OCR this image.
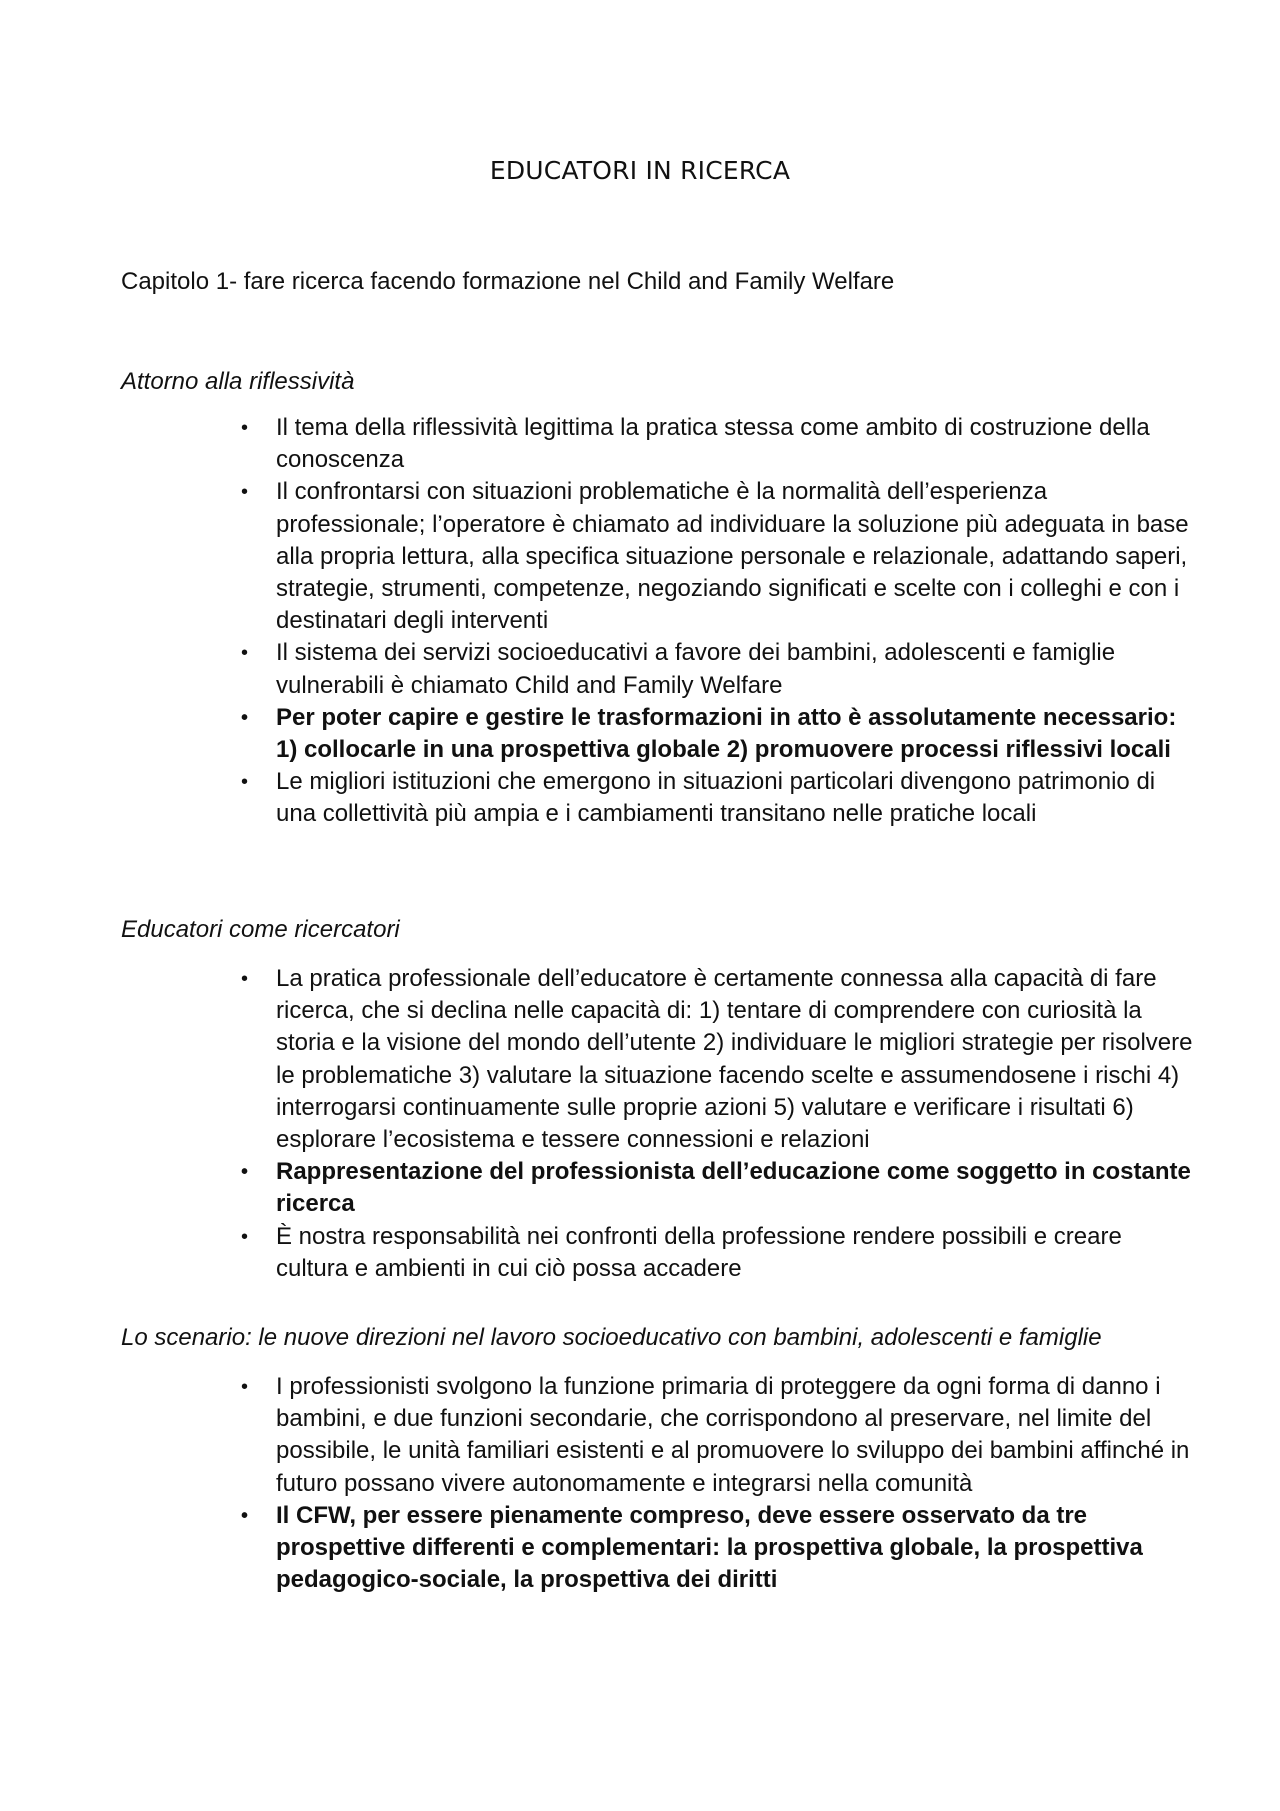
EDUCATORI IN RICERCA

Capitolo 1- fare ricerca facendo formazione nel Child and Family Welfare

Attorno alla riflessività

• Il tema della riflessività legittima la pratica stessa come ambito di costruzione della conoscenza
• Il confrontarsi con situazioni problematiche è la normalità dell’esperienza professionale; l’operatore è chiamato ad individuare la soluzione più adeguata in base alla propria lettura, alla specifica situazione personale e relazionale, adattando saperi, strategie, strumenti, competenze, negoziando significati e scelte con i colleghi e con i destinatari degli interventi
• Il sistema dei servizi socioeducativi a favore dei bambini, adolescenti e famiglie vulnerabili è chiamato Child and Family Welfare
• Per poter capire e gestire le trasformazioni in atto è assolutamente necessario: 1) collocarle in una prospettiva globale 2) promuovere processi riflessivi locali
• Le migliori istituzioni che emergono in situazioni particolari divengono patrimonio di una collettività più ampia e i cambiamenti transitano nelle pratiche locali

Educatori come ricercatori

• La pratica professionale dell’educatore è certamente connessa alla capacità di fare ricerca, che si declina nelle capacità di: 1) tentare di comprendere con curiosità la storia e la visione del mondo dell’utente 2) individuare le migliori strategie per risolvere le problematiche 3) valutare la situazione facendo scelte e assumendosene i rischi 4) interrogarsi continuamente sulle proprie azioni 5) valutare e verificare i risultati 6) esplorare l’ecosistema e tessere connessioni e relazioni
• Rappresentazione del professionista dell’educazione come soggetto in costante ricerca
• È nostra responsabilità nei confronti della professione rendere possibili e creare cultura e ambienti in cui ciò possa accadere

Lo scenario: le nuove direzioni nel lavoro socioeducativo con bambini, adolescenti e famiglie

• I professionisti svolgono la funzione primaria di proteggere da ogni forma di danno i bambini, e due funzioni secondarie, che corrispondono al preservare, nel limite del possibile, le unità familiari esistenti e al promuovere lo sviluppo dei bambini affinché in futuro possano vivere autonomamente e integrarsi nella comunità
• Il CFW, per essere pienamente compreso, deve essere osservato da tre prospettive differenti e complementari: la prospettiva globale, la prospettiva pedagogico-sociale, la prospettiva dei diritti
